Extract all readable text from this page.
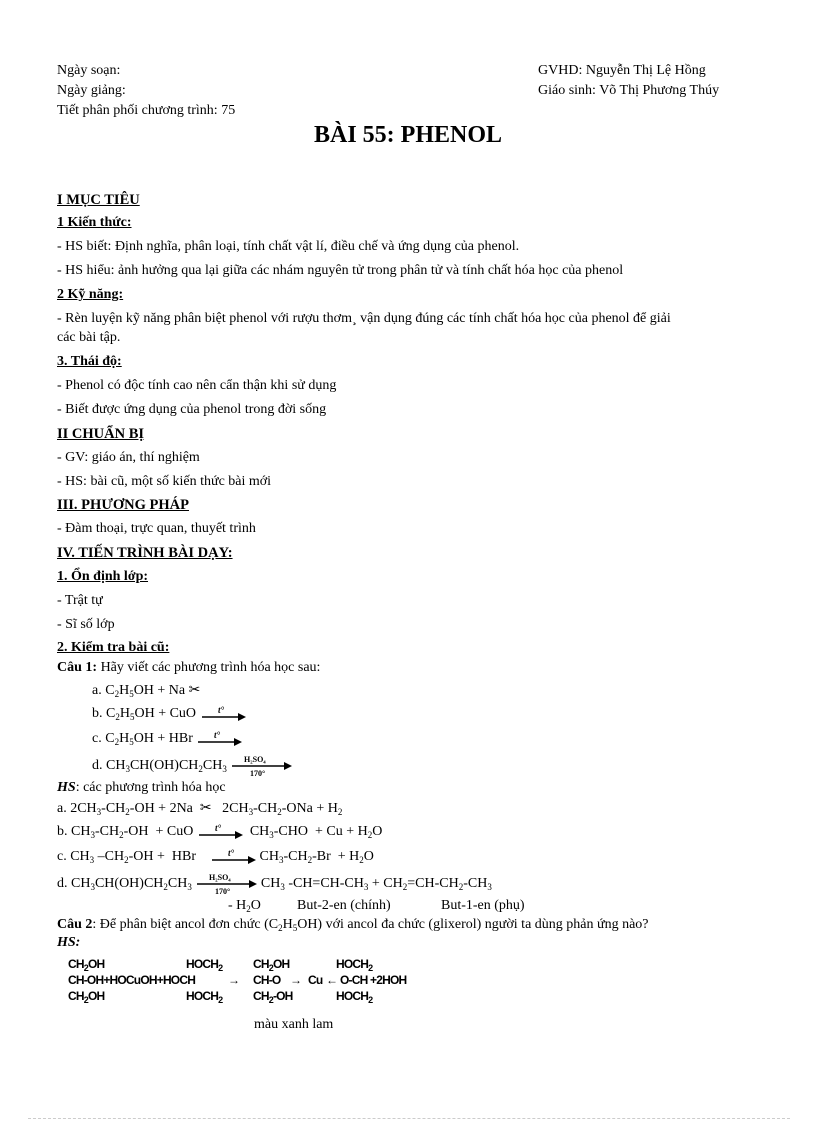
Ngày soạn:
Ngày giảng:
Tiết phân phối chương trình: 75
GVHD: Nguyễn Thị Lệ Hồng
Giáo sinh: Võ Thị Phương Thúy
BÀI 55: PHENOL
I MỤC TIÊU
1 Kiến thức:
- HS biết: Định nghĩa, phân loại, tính chất vật lí, điều chế và ứng dụng của phenol.
- HS hiểu: ảnh hưởng qua lại giữa các nhám nguyên tử trong phân tử và tính chất hóa học của phenol
2 Kỹ năng:
- Rèn luyện kỹ năng phân biệt phenol với rượu thơm¸ vận dụng đúng các tính chất hóa học của phenol để giải
các bài tập.
3. Thái độ:
- Phenol có độc tính cao nên cẩn thận khi sử dụng
- Biết được ứng dụng của phenol trong đời sống
II CHUẨN BỊ
- GV: giáo án, thí nghiệm
- HS: bài cũ, một số kiến thức bài mới
III. PHƯƠNG PHÁP
- Đàm thoại, trực quan, thuyết trình
IV. TIẾN TRÌNH BÀI DẠY:
1. Ổn định lớp:
- Trật tự
- Sĩ số lớp
2. Kiểm tra bài cũ:
Câu 1: Hãy viết các phương trình hóa học sau:
a. $C_2H_5OH + Na$ ✂
b. $C_2H_5OH$ + CuO t°
c. $C_2H_5OH$ + HBr t°
d. $CH_3CH(OH)CH_2CH_3$
H₂SO₄
170°
HS: các phương trình hóa học
a. $2CH_3-CH_2-OH + 2Na$  ✂   $2CH_3-CH_2$-ONa + $H_2$
b. $CH_3-CH_2-OH$  + CuO t° $CH_3$-CHO  + $Cu + H_2O$
c. $CH_3$ $-CH_2-OH$ +  HBr t° $CH_3-CH_2-Br + H_2O$
d. $CH_3CH(OH)CH_2CH_3$
H₂SO₄
170°
$CH_3$ $-CH=CH-CH_3 + CH_2=CH-CH_2-CH_3$
- $H_2O$	But-2-en (chính)	But-1-en (phụ)
Câu 2: Để phân biệt ancol đơn chức $(C_2H_5OH)$ với ancol đa chức (glixerol) người ta dùng phản ứng nào?
HS:
$CH_2OH$	$HOCH_2$	$CH_2OH$	$HOCH_2$
CH-OH+HOCuOH+HOCH	→ CH-O → Cu ← O-CH +2HOH
$CH_2OH$	$HOCH_2$	$CH_2-OH$	$HOCH_2$
màu xanh lam
